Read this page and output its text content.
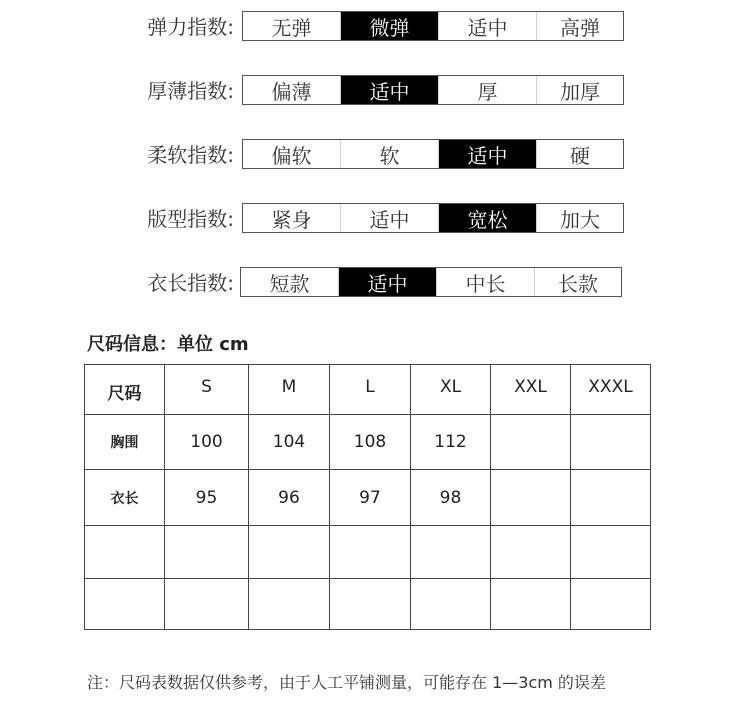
弹力指数:	无弹	微弹	适中	高弹
厚薄指数:	偏薄	适中	厚	加厚
柔软指数:	偏软	软	适中	硬
版型指数:	紧身	适中	宽松	加大
衣长指数:	短款	适中	中长	长款
尺码信息：单位 cm
尺码	S	M	L	XL	XXL	XXXL
胸围	100	104	108	112		
衣长	95	96	97	98		

注：尺码表数据仅供参考，由于人工平铺测量，可能存在 1—3cm 的误差
